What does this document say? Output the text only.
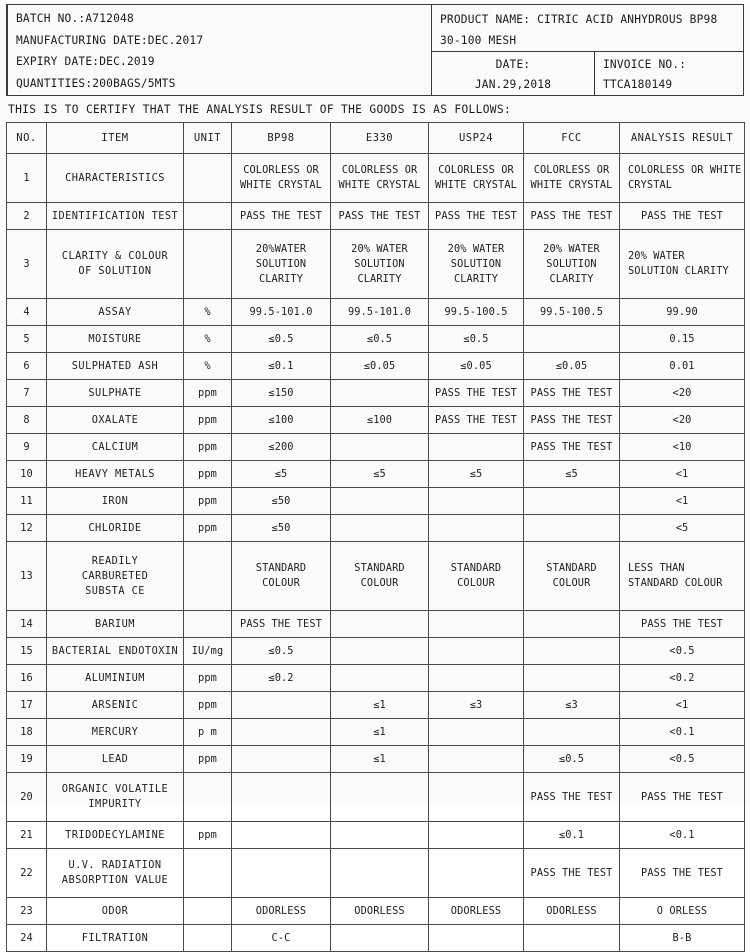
BATCH NO.:A712048
MANUFACTURING DATE:DEC.2017
EXPIRY DATE:DEC.2019
QUANTITIES:200BAGS/5MTS
PRODUCT NAME: CITRIC ACID ANHYDROUS BP98
30-100 MESH
DATE:
JAN.29,2018
INVOICE NO.:
TTCA180149
THIS IS TO CERTIFY THAT THE ANALYSIS RESULT OF THE GOODS IS AS FOLLOWS:
NO.	ITEM	UNIT	BP98	E330	USP24	FCC	ANALYSIS RESULT
1	CHARACTERISTICS		COLORLESS OR
WHITE CRYSTAL	COLORLESS OR
WHITE CRYSTAL	COLORLESS OR
WHITE CRYSTAL	COLORLESS OR
WHITE CRYSTAL	COLORLESS OR WHITE
CRYSTAL

2	IDENTIFICATION TEST		PASS THE TEST	PASS THE TEST	PASS THE TEST	PASS THE TEST	PASS THE TEST

3	CLARITY & COLOUR
OF SOLUTION		20%WATER
SOLUTION
CLARITY	20% WATER
SOLUTION
CLARITY	20% WATER
SOLUTION
CLARITY	20% WATER
SOLUTION
CLARITY	20% WATER
SOLUTION CLARITY

4	ASSAY	%	99.5-101.0	99.5-101.0	99.5-100.5	99.5-100.5	99.90

5	MOISTURE	%	≤0.5	≤0.5	≤0.5		0.15

6	SULPHATED ASH	%	≤0.1	≤0.05	≤0.05	≤0.05	0.01

7	SULPHATE	ppm	≤150		PASS THE TEST	PASS THE TEST	<20

8	OXALATE	ppm	≤100	≤100	PASS THE TEST	PASS THE TEST	<20

9	CALCIUM	ppm	≤200			PASS THE TEST	<10

10	HEAVY METALS	ppm	≤5	≤5	≤5	≤5	<1

11	IRON	ppm	≤50				<1

12	CHLORIDE	ppm	≤50				<5

13	READILY
CARBURETED
SUBSTA CE		STANDARD
COLOUR	STANDARD
COLOUR	STANDARD
COLOUR	STANDARD
COLOUR	LESS THAN
STANDARD COLOUR

14	BARIUM		PASS THE TEST				PASS THE TEST

15	BACTERIAL ENDOTOXIN	IU/mg	≤0.5				<0.5

16	ALUMINIUM	ppm	≤0.2				<0.2

17	ARSENIC	ppm		≤1	≤3	≤3	<1

18	MERCURY	p m		≤1			<0.1

19	LEAD	ppm		≤1		≤0.5	<0.5

20	ORGANIC VOLATILE
IMPURITY					PASS THE TEST	PASS THE TEST

21	TRIDODECYLAMINE	ppm				≤0.1	<0.1

22	U.V. RADIATION
ABSORPTION VALUE					PASS THE TEST	PASS THE TEST

23	ODOR		ODORLESS	ODORLESS	ODORLESS	ODORLESS	O ORLESS

24	FILTRATION		C-C				B-B
